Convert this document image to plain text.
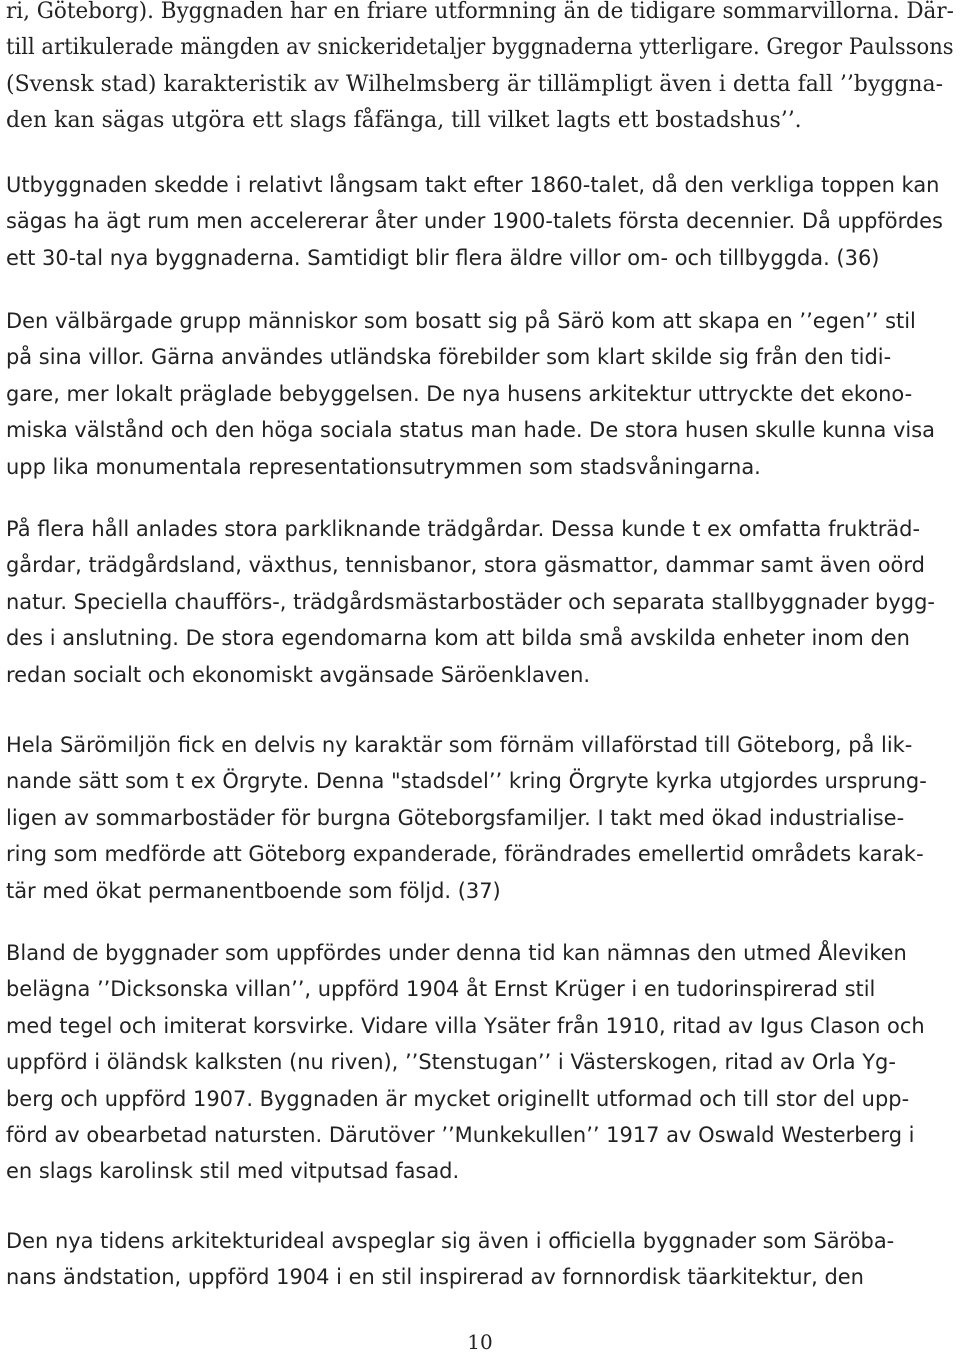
ri, Göteborg). Byggnaden har en friare utformning än de tidigare sommarvillorna. Där-
till artikulerade mängden av snickeridetaljer byggnaderna ytterligare. Gregor Paulssons
(Svensk stad) karakteristik av Wilhelmsberg är tillämpligt även i detta fall ’’byggna-
den kan sägas utgöra ett slags fåfänga, till vilket lagts ett bostadshus’’.

Utbyggnaden skedde i relativt långsam takt efter 1860-talet, då den verkliga toppen kan
sägas ha ägt rum men accelererar åter under 1900-talets första decennier. Då uppfördes
ett 30-tal nya byggnaderna. Samtidigt blir flera äldre villor om- och tillbyggda. (36)

Den välbärgade grupp människor som bosatt sig på Särö kom att skapa en ’’egen’’ stil
på sina villor. Gärna användes utländska förebilder som klart skilde sig från den tidi-
gare, mer lokalt präglade bebyggelsen. De nya husens arkitektur uttryckte det ekono-
miska välstånd och den höga sociala status man hade. De stora husen skulle kunna visa
upp lika monumentala representationsutrymmen som stadsvåningarna.

På flera håll anlades stora parkliknande trädgårdar. Dessa kunde t ex omfatta frukträd-
gårdar, trädgårdsland, växthus, tennisbanor, stora gäsmattor, dammar samt även oörd
natur. Speciella chaufförs-, trädgårdsmästarbostäder och separata stallbyggnader bygg-
des i anslutning. De stora egendomarna kom att bilda små avskilda enheter inom den
redan socialt och ekonomiskt avgänsade Säröenklaven.

Hela Särömiljön fick en delvis ny karaktär som förnäm villaförstad till Göteborg, på lik-
nande sätt som t ex Örgryte. Denna "stadsdel’’ kring Örgryte kyrka utgjordes ursprung-
ligen av sommarbostäder för burgna Göteborgsfamiljer. I takt med ökad industrialise-
ring som medförde att Göteborg expanderade, förändrades emellertid områdets karak-
tär med ökat permanentboende som följd. (37)

Bland de byggnader som uppfördes under denna tid kan nämnas den utmed Åleviken
belägna ’’Dicksonska villan’’, uppförd 1904 åt Ernst Krüger i en tudorinspirerad stil
med tegel och imiterat korsvirke. Vidare villa Ysäter från 1910, ritad av Igus Clason och
uppförd i öländsk kalksten (nu riven), ’’Stenstugan’’ i Västerskogen, ritad av Orla Yg-
berg och uppförd 1907. Byggnaden är mycket originellt utformad och till stor del upp-
förd av obearbetad natursten. Därutöver ’’Munkekullen’’ 1917 av Oswald Westerberg i
en slags karolinsk stil med vitputsad fasad.

Den nya tidens arkitekturideal avspeglar sig även i officiella byggnader som Säröba-
nans ändstation, uppförd 1904 i en stil inspirerad av fornnordisk täarkitektur, den

10
